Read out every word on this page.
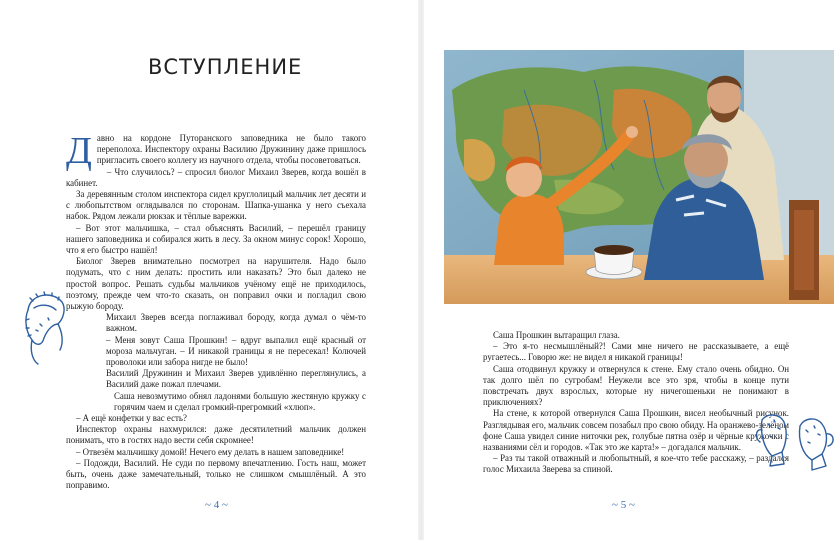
ВСТУПЛЕНИЕ

Давно на кордоне Путоранского заповедника не было такого переполоха. Инспектору охраны Василию Дружинину даже пришлось пригласить своего коллегу из научного отдела, чтобы посоветоваться.

– Что случилось? – спросил биолог Михаил Зверев, когда вошёл в кабинет.

За деревянным столом инспектора сидел круглолицый мальчик лет десяти и с любопытством оглядывался по сторонам. Шапка-ушанка у него съехала набок. Рядом лежали рюкзак и тёплые варежки.

– Вот этот мальчишка, – стал объяснять Василий, – перешёл границу нашего заповедника и собирался жить в лесу. За окном минус сорок! Хорошо, что я его быстро нашёл!

Биолог Зверев внимательно посмотрел на нарушителя. Надо было подумать, что с ним делать: простить или наказать? Это был далеко не простой вопрос. Решать судьбы мальчиков учёному ещё не приходилось, поэтому, прежде чем что-то сказать, он поправил очки и погладил свою рыжую бороду.

Михаил Зверев всегда поглаживал бороду, когда думал о чём-то важном.

– Меня зовут Саша Прошкин! – вдруг выпалил ещё красный от мороза мальчуган. – И никакой границы я не пересекал! Колючей проволоки или забора нигде не было!

Василий Дружинин и Михаил Зверев удивлённо переглянулись, а Василий даже пожал плечами.

Саша невозмутимо обнял ладонями большую жестяную кружку с горячим чаем и сделал громкий-прегромкий «хлюп».

– А ещё конфетки у вас есть?

Инспектор охраны нахмурился: даже десятилетний мальчик должен понимать, что в гостях надо вести себя скромнее!

– Отвезём мальчишку домой! Нечего ему делать в нашем заповеднике!

– Подожди, Василий. Не суди по первому впечатлению. Гость наш, может быть, очень даже замечательный, только не слишком смышлёный. А это поправимо.

~ 4 ~

Саша Прошкин вытаращил глаза.

– Это я-то несмышлёный?! Сами мне ничего не рассказываете, а ещё ругаетесь... Говорю же: не видел я никакой границы!

Саша отодвинул кружку и отвернулся к стене. Ему стало очень обидно. Он так долго шёл по сугробам! Неужели все это зря, чтобы в конце пути повстречать двух взрослых, которые ну ничегошеньки не понимают в приключениях?

На стене, к которой отвернулся Саша Прошкин, висел необычный рисунок. Разглядывая его, мальчик совсем позабыл про свою обиду. На оранжево-зелёном фоне Саша увидел синие ниточки рек, голубые пятна озёр и чёрные кружочки с названиями сёл и городов. «Так это же карта!» – догадался мальчик.

– Раз ты такой отважный и любопытный, я кое-что тебе расскажу, – раздался голос Михаила Зверева за спиной.

~ 5 ~
